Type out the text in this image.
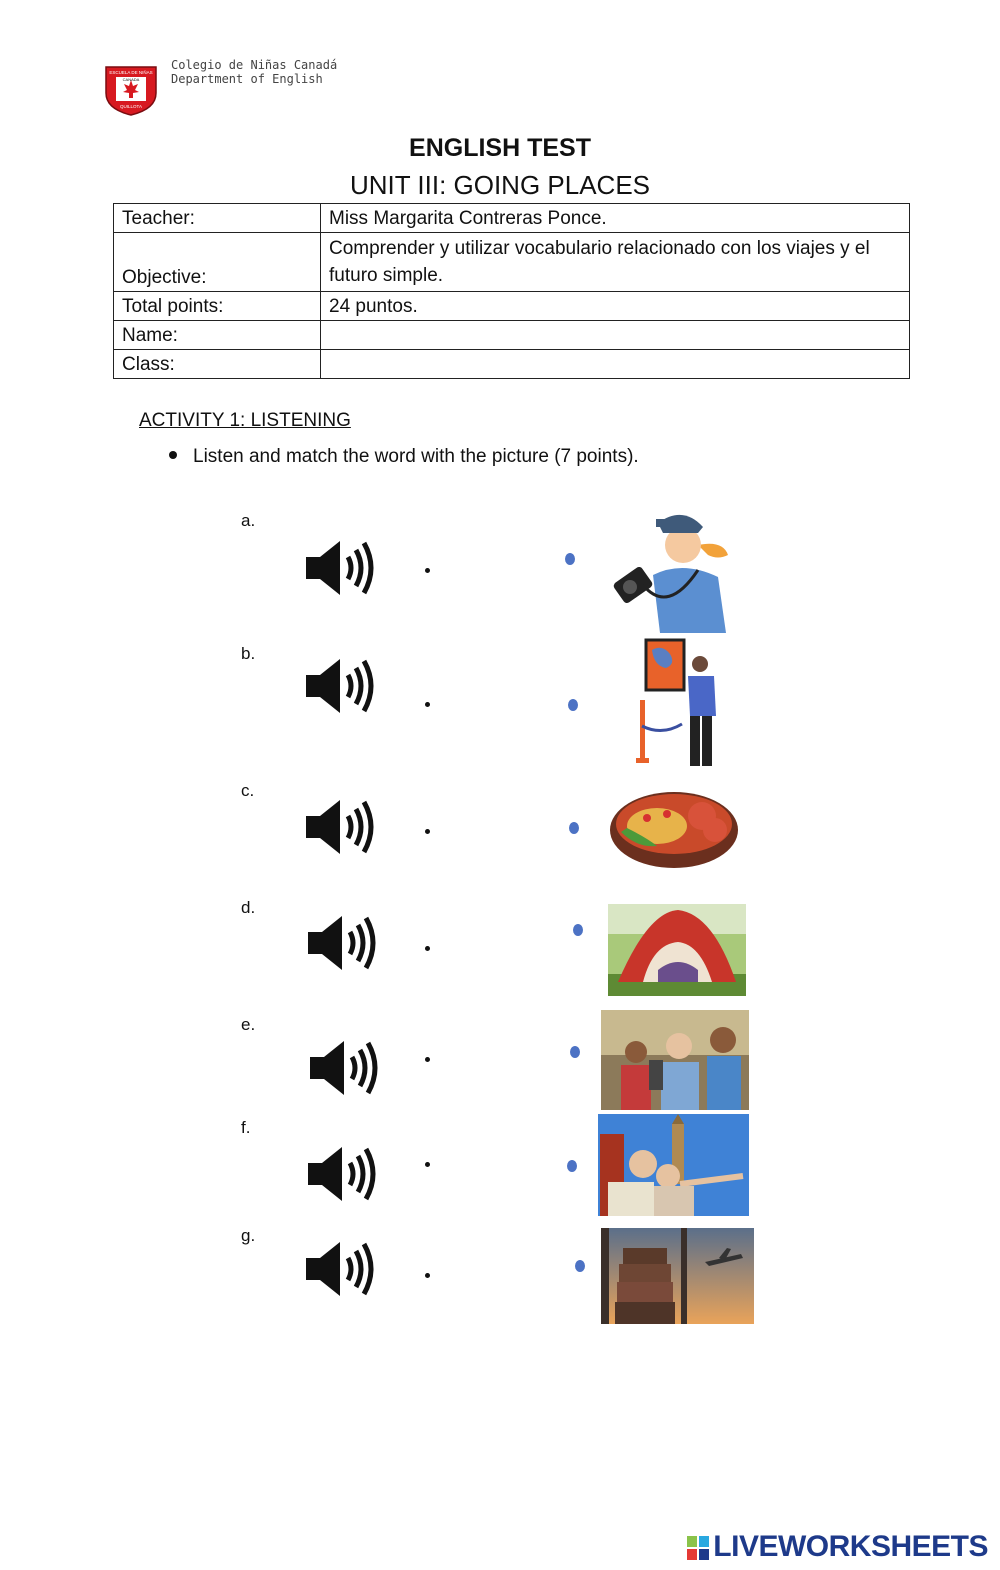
ESCUELA DE NIÑAS
CANADA
QUILLOTA
Colegio de Niñas Canadá
Department of English
ENGLISH TEST
UNIT III: GOING PLACES
Teacher:	Miss Margarita Contreras Ponce.
Objective:	Comprender y utilizar vocabulario relacionado con los viajes y el futuro simple.
Total points:	24 puntos.
Name:	
Class:	
ACTIVITY 1: LISTENING
Listen and match the word with the picture (7 points).
a.
b.
c.
d.
e.
f.
g.
LIVEWORKSHEETS
